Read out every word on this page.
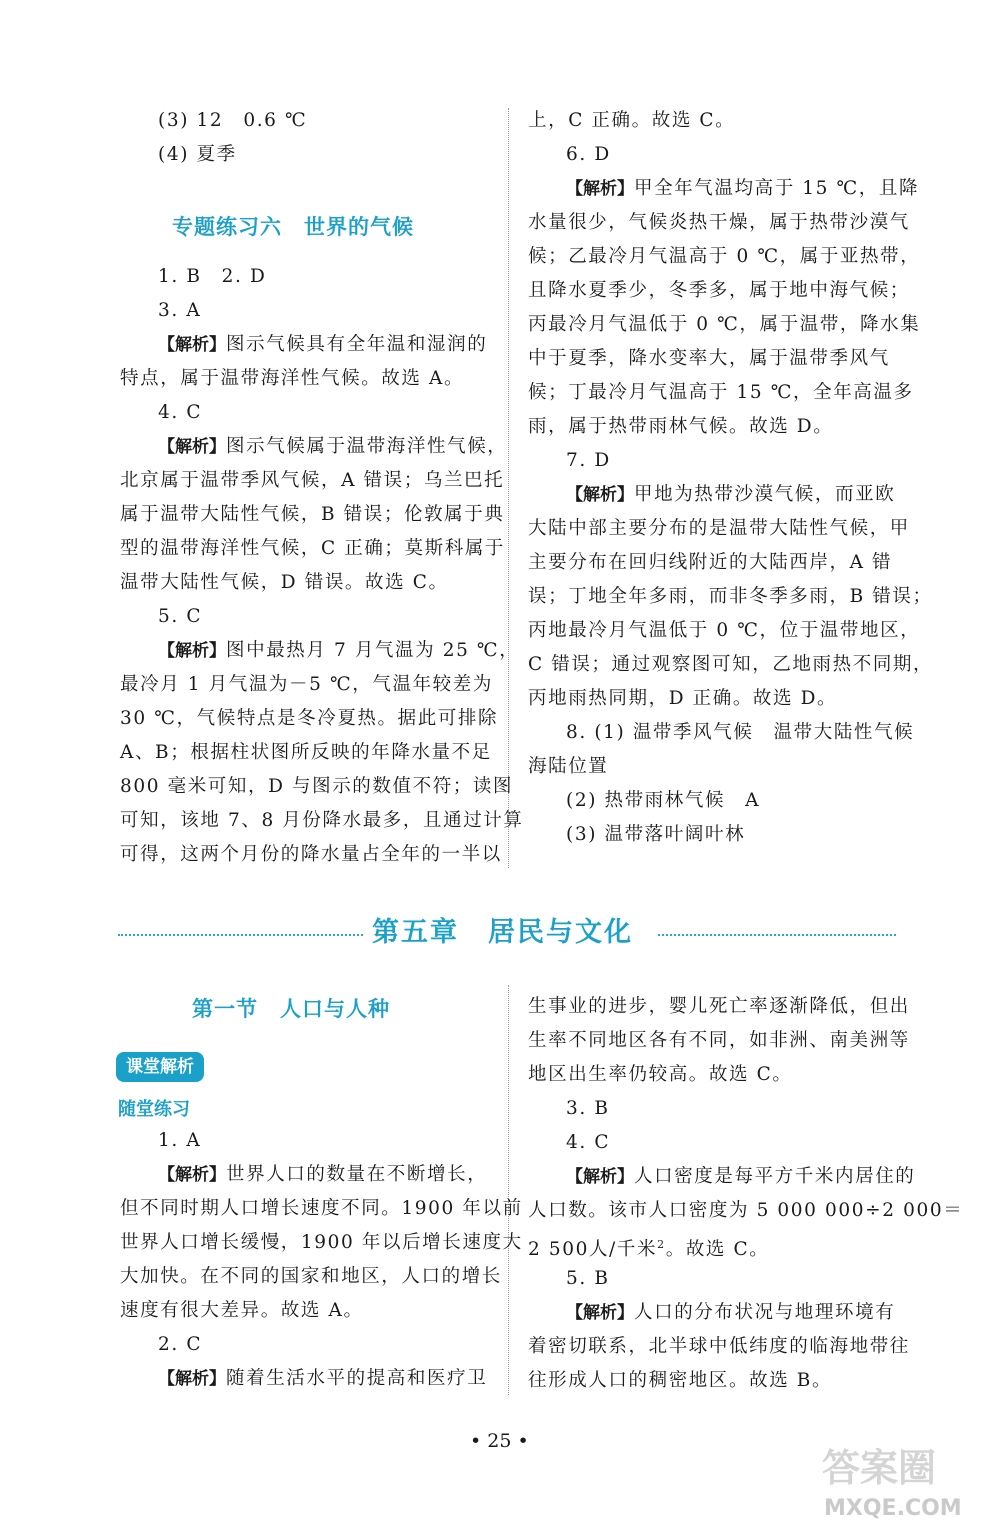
(3) 12　0.6 ℃
(4) 夏季
专题练习六　世界的气候
1. B　2. D
3. A
【解析】图示气候具有全年温和湿润的
特点，属于温带海洋性气候。故选 A。
4. C
【解析】图示气候属于温带海洋性气候，
北京属于温带季风气候，A 错误；乌兰巴托
属于温带大陆性气候，B 错误；伦敦属于典
型的温带海洋性气候，C 正确；莫斯科属于
温带大陆性气候，D 错误。故选 C。
5. C
【解析】图中最热月 7 月气温为 25 ℃，
最冷月 1 月气温为－5 ℃，气温年较差为
30 ℃，气候特点是冬冷夏热。据此可排除
A、B；根据柱状图所反映的年降水量不足
800 毫米可知，D 与图示的数值不符；读图
可知，该地 7、8 月份降水最多，且通过计算
可得，这两个月份的降水量占全年的一半以
上，C 正确。故选 C。
6. D
【解析】甲全年气温均高于 15 ℃，且降
水量很少，气候炎热干燥，属于热带沙漠气
候；乙最冷月气温高于 0 ℃，属于亚热带，
且降水夏季少，冬季多，属于地中海气候；
丙最冷月气温低于 0 ℃，属于温带，降水集
中于夏季，降水变率大，属于温带季风气
候；丁最冷月气温高于 15 ℃，全年高温多
雨，属于热带雨林气候。故选 D。
7. D
【解析】甲地为热带沙漠气候，而亚欧
大陆中部主要分布的是温带大陆性气候，甲
主要分布在回归线附近的大陆西岸，A 错
误；丁地全年多雨，而非冬季多雨，B 错误；
丙地最冷月气温低于 0 ℃，位于温带地区，
C 错误；通过观察图可知，乙地雨热不同期，
丙地雨热同期，D 正确。故选 D。
8. (1) 温带季风气候　温带大陆性气候
海陆位置
(2) 热带雨林气候　A
(3) 温带落叶阔叶林
第五章　居民与文化
第一节　人口与人种
课堂解析
随堂练习
1. A
【解析】世界人口的数量在不断增长，
但不同时期人口增长速度不同。1900 年以前
世界人口增长缓慢，1900 年以后增长速度大
大加快。在不同的国家和地区，人口的增长
速度有很大差异。故选 A。
2. C
【解析】随着生活水平的提高和医疗卫
生事业的进步，婴儿死亡率逐渐降低，但出
生率不同地区各有不同，如非洲、南美洲等
地区出生率仍较高。故选 C。
3. B
4. C
【解析】人口密度是每平方千米内居住的
人口数。该市人口密度为 5 000 000÷2 000＝
2 500人/千米$^2$。故选 C。
5. B
【解析】人口的分布状况与地理环境有
着密切联系，北半球中低纬度的临海地带往
往形成人口的稠密地区。故选 B。
• 25 •
答案圈
MXQE.COM
